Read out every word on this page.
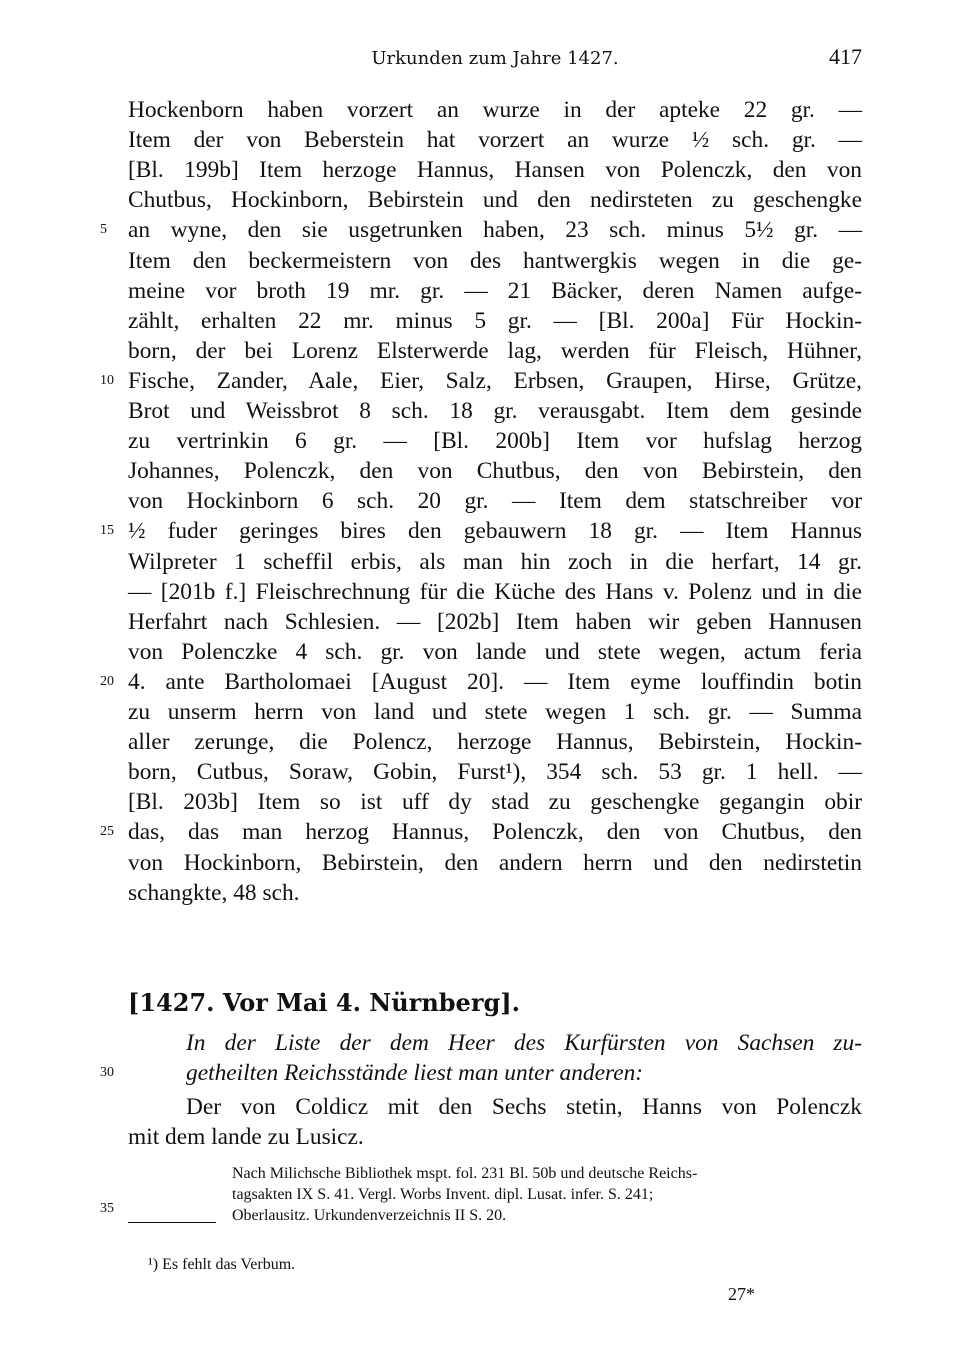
Urkunden zum Jahre 1427.	417
Hockenborn haben vorzert an wurze in der apteke 22 gr. —
Item der von Beberstein hat vorzert an wurze ½ sch. gr. —
[Bl. 199b] Item herzoge Hannus, Hansen von Polenczk, den von
Chutbus, Hockinborn, Bebirstein und den nedirsteten zu geschengke
5 an wyne, den sie usgetrunken haben, 23 sch. minus 5½ gr. —
Item den beckermeistern von des hantwergkis wegen in die ge-
meine vor broth 19 mr. gr. — 21 Bäcker, deren Namen aufge-
zählt, erhalten 22 mr. minus 5 gr. — [Bl. 200a] Für Hockin-
born, der bei Lorenz Elsterwerde lag, werden für Fleisch, Hühner,
10 Fische, Zander, Aale, Eier, Salz, Erbsen, Graupen, Hirse, Grütze,
Brot und Weissbrot 8 sch. 18 gr. verausgabt. Item dem gesinde
zu vertrinkin 6 gr. — [Bl. 200b] Item vor hufslag herzog
Johannes, Polenczk, den von Chutbus, den von Bebirstein, den
von Hockinborn 6 sch. 20 gr. — Item dem statschreiber vor
15 ½ fuder geringes bires den gebauwern 18 gr. — Item Hannus
Wilpreter 1 scheffil erbis, als man hin zoch in die herfart, 14 gr.
— [201b f.] Fleischrechnung für die Küche des Hans v. Polenz und in die
Herfahrt nach Schlesien. — [202b] Item haben wir geben Hannusen
von Polenczke 4 sch. gr. von lande und stete wegen, actum feria
20 4. ante Bartholomaei [August 20]. — Item eyme louffindin botin
zu unserm herrn von land und stete wegen 1 sch. gr. — Summa
aller zerunge, die Polencz, herzoge Hannus, Bebirstein, Hockin-
born, Cutbus, Soraw, Gobin, Furst¹), 354 sch. 53 gr. 1 hell. —
[Bl. 203b] Item so ist uff dy stad zu geschengke gegangin obir
25 das, das man herzog Hannus, Polenczk, den von Chutbus, den
von Hockinborn, Bebirstein, den andern herrn und den nedirstetin
schangkte, 48 sch.
[1427. Vor Mai 4. Nürnberg].
In der Liste der dem Heer des Kurfürsten von Sachsen zu-
30	getheilten Reichsstände liest man unter anderen:
Der von Coldicz mit den Sechs stetin, Hanns von Polenczk
mit dem lande zu Lusicz.
Nach Milichsche Bibliothek mspt. fol. 231 Bl. 50b und deutsche Reichs-
tagsakten IX S. 41. Vergl. Worbs Invent. dipl. Lusat. infer. S. 241;
35	Oberlausitz. Urkundenverzeichnis II S. 20.
¹) Es fehlt das Verbum.
27*
